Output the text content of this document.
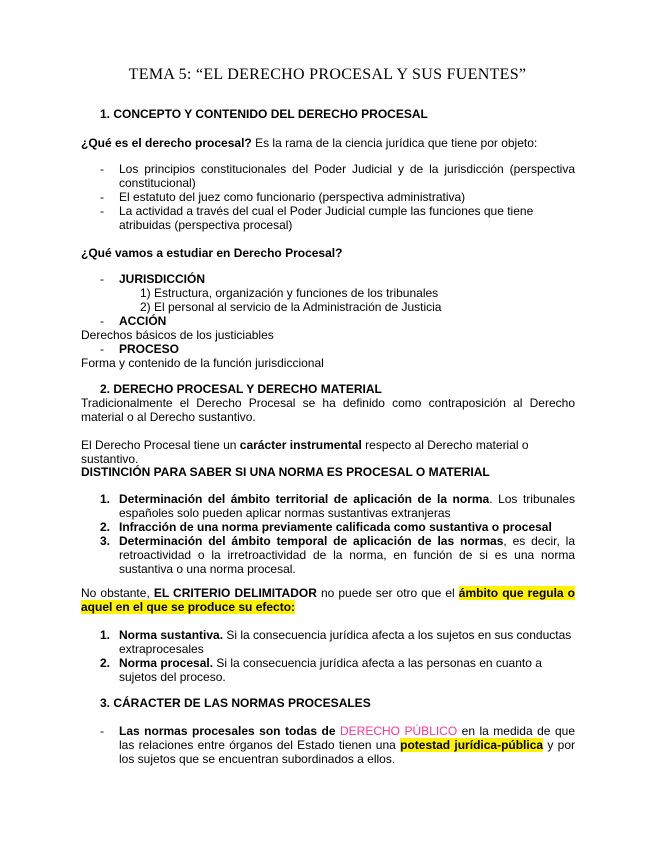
TEMA 5: “EL DERECHO PROCESAL Y SUS FUENTES”
1. CONCEPTO Y CONTENIDO DEL DERECHO PROCESAL
¿Qué es el derecho procesal? Es la rama de la ciencia jurídica que tiene por objeto:
- Los principios constitucionales del Poder Judicial y de la jurisdicción (perspectiva constitucional)
- El estatuto del juez como funcionario (perspectiva administrativa)
- La actividad a través del cual el Poder Judicial cumple las funciones que tiene atribuidas (perspectiva procesal)
¿Qué vamos a estudiar en Derecho Procesal?
- JURISDICCIÓN
1) Estructura, organización y funciones de los tribunales
2) El personal al servicio de la Administración de Justicia
- ACCIÓN
Derechos básicos de los justiciables
- PROCESO
Forma y contenido de la función jurisdiccional
2. DERECHO PROCESAL Y DERECHO MATERIAL
Tradicionalmente el Derecho Procesal se ha definido como contraposición al Derecho material o al Derecho sustantivo.
El Derecho Procesal tiene un carácter instrumental respecto al Derecho material o sustantivo.
DISTINCIÓN PARA SABER SI UNA NORMA ES PROCESAL O MATERIAL
1. Determinación del ámbito territorial de aplicación de la norma. Los tribunales españoles solo pueden aplicar normas sustantivas extranjeras
2. Infracción de una norma previamente calificada como sustantiva o procesal
3. Determinación del ámbito temporal de aplicación de las normas, es decir, la retroactividad o la irretroactividad de la norma, en función de si es una norma sustantiva o una norma procesal.
No obstante, EL CRITERIO DELIMITADOR no puede ser otro que el ámbito que regula o aquel en el que se produce su efecto:
1. Norma sustantiva. Si la consecuencia jurídica afecta a los sujetos en sus conductas extraprocesales
2. Norma procesal. Si la consecuencia jurídica afecta a las personas en cuanto a sujetos del proceso.
3. CÁRACTER DE LAS NORMAS PROCESALES
- Las normas procesales son todas de DERECHO PÚBLICO en la medida de que las relaciones entre órganos del Estado tienen una potestad jurídica-pública y por los sujetos que se encuentran subordinados a ellos.
